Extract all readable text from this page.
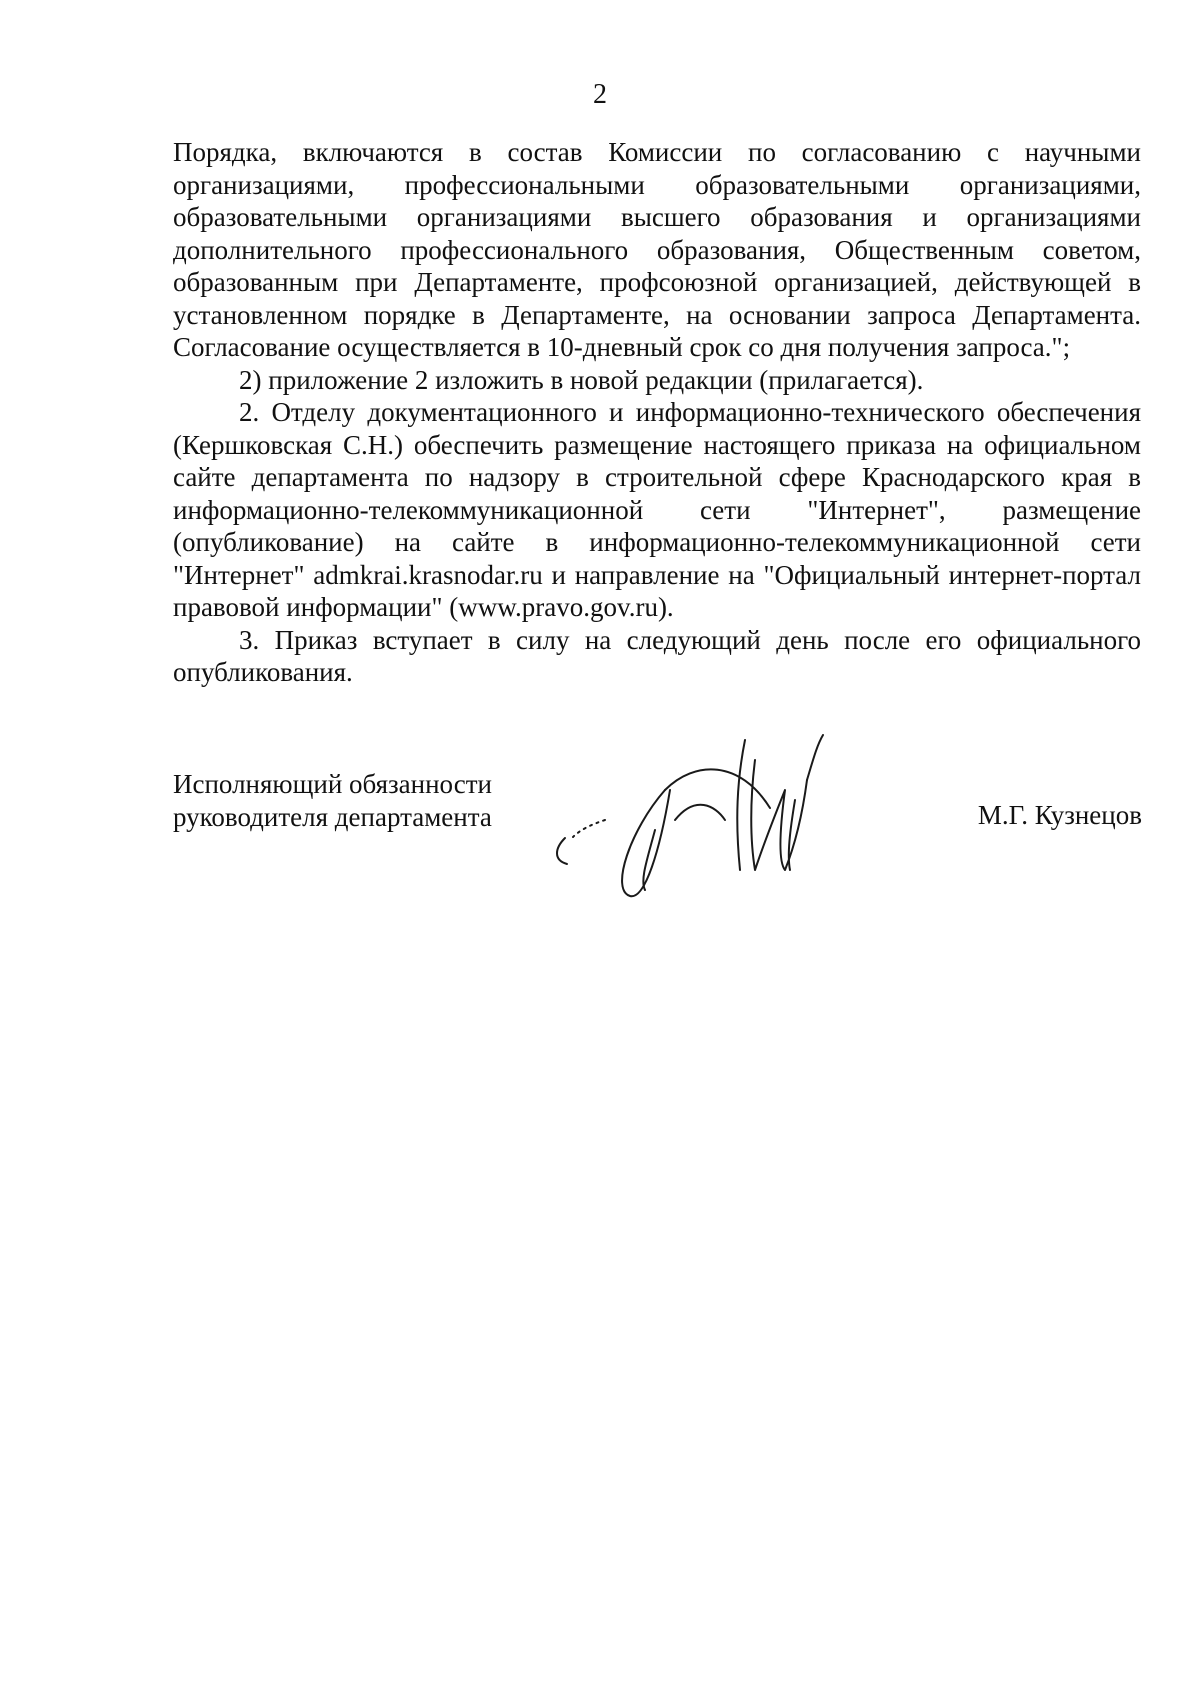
2

Порядка, включаются в состав Комиссии по согласованию с научными организациями, профессиональными образовательными организациями, образовательными организациями высшего образования и организациями дополнительного профессионального образования, Общественным советом, образованным при Департаменте, профсоюзной организацией, действующей в установленном порядке в Департаменте, на основании запроса Департамента. Согласование осуществляется в 10-дневный срок со дня получения запроса.";

2) приложение 2 изложить в новой редакции (прилагается).

2. Отделу документационного и информационно-технического обеспечения (Кершковская С.Н.) обеспечить размещение настоящего приказа на официальном сайте департамента по надзору в строительной сфере Краснодарского края в информационно-телекоммуникационной сети "Интернет", размещение (опубликование) на сайте в информационно-телекоммуникационной сети "Интернет" admkrai.krasnodar.ru и направление на "Официальный интернет-портал правовой информации" (www.pravo.gov.ru).

3. Приказ вступает в силу на следующий день после его официального опубликования.

Исполняющий обязанности
руководителя департамента	М.Г. Кузнецов
